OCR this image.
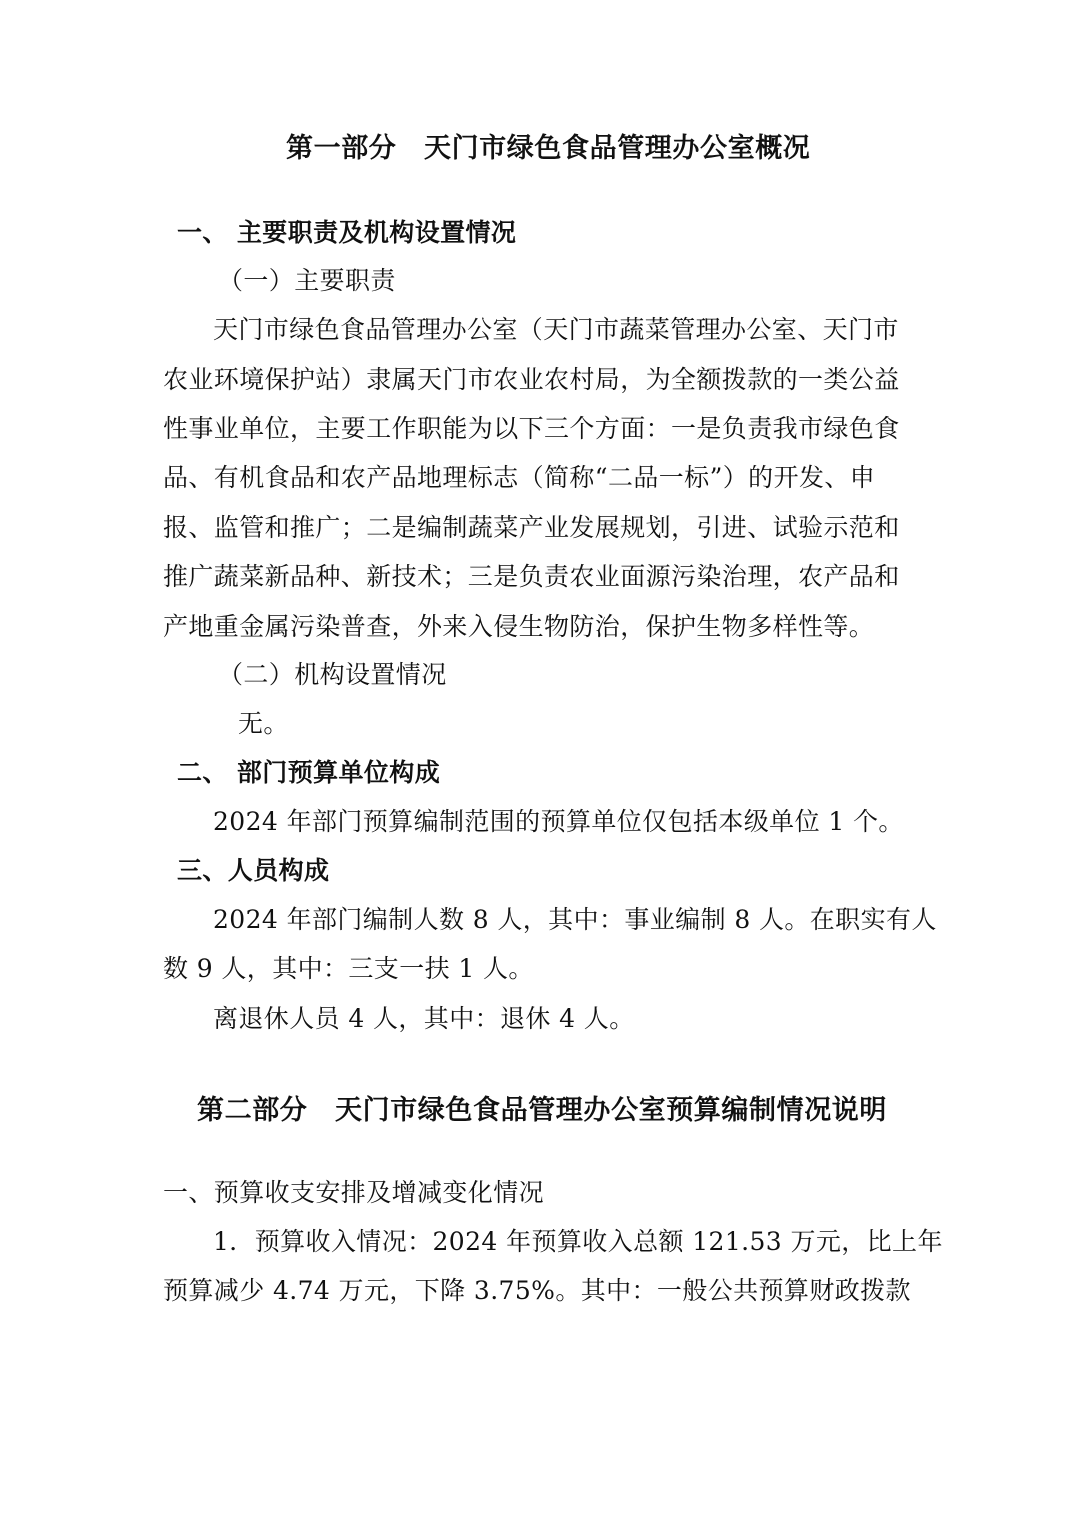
第一部分　天门市绿色食品管理办公室概况
一、 主要职责及机构设置情况
（一）主要职责
天门市绿色食品管理办公室（天门市蔬菜管理办公室、天门市
农业环境保护站）隶属天门市农业农村局，为全额拨款的一类公益
性事业单位，主要工作职能为以下三个方面：一是负责我市绿色食
品、有机食品和农产品地理标志（简称“二品一标”）的开发、申
报、监管和推广；二是编制蔬菜产业发展规划，引进、试验示范和
推广蔬菜新品种、新技术；三是负责农业面源污染治理，农产品和
产地重金属污染普查，外来入侵生物防治，保护生物多样性等。
（二）机构设置情况
无。
二、 部门预算单位构成
2024 年部门预算编制范围的预算单位仅包括本级单位 1 个。
三、人员构成
2024 年部门编制人数 8 人，其中：事业编制 8 人。在职实有人
数 9 人，其中：三支一扶 1 人。
离退休人员 4 人，其中：退休 4 人。
第二部分　天门市绿色食品管理办公室预算编制情况说明
一、预算收支安排及增减变化情况
1．预算收入情况：2024 年预算收入总额 121.53 万元，比上年
预算减少 4.74 万元，下降 3.75%。其中：一般公共预算财政拨款
